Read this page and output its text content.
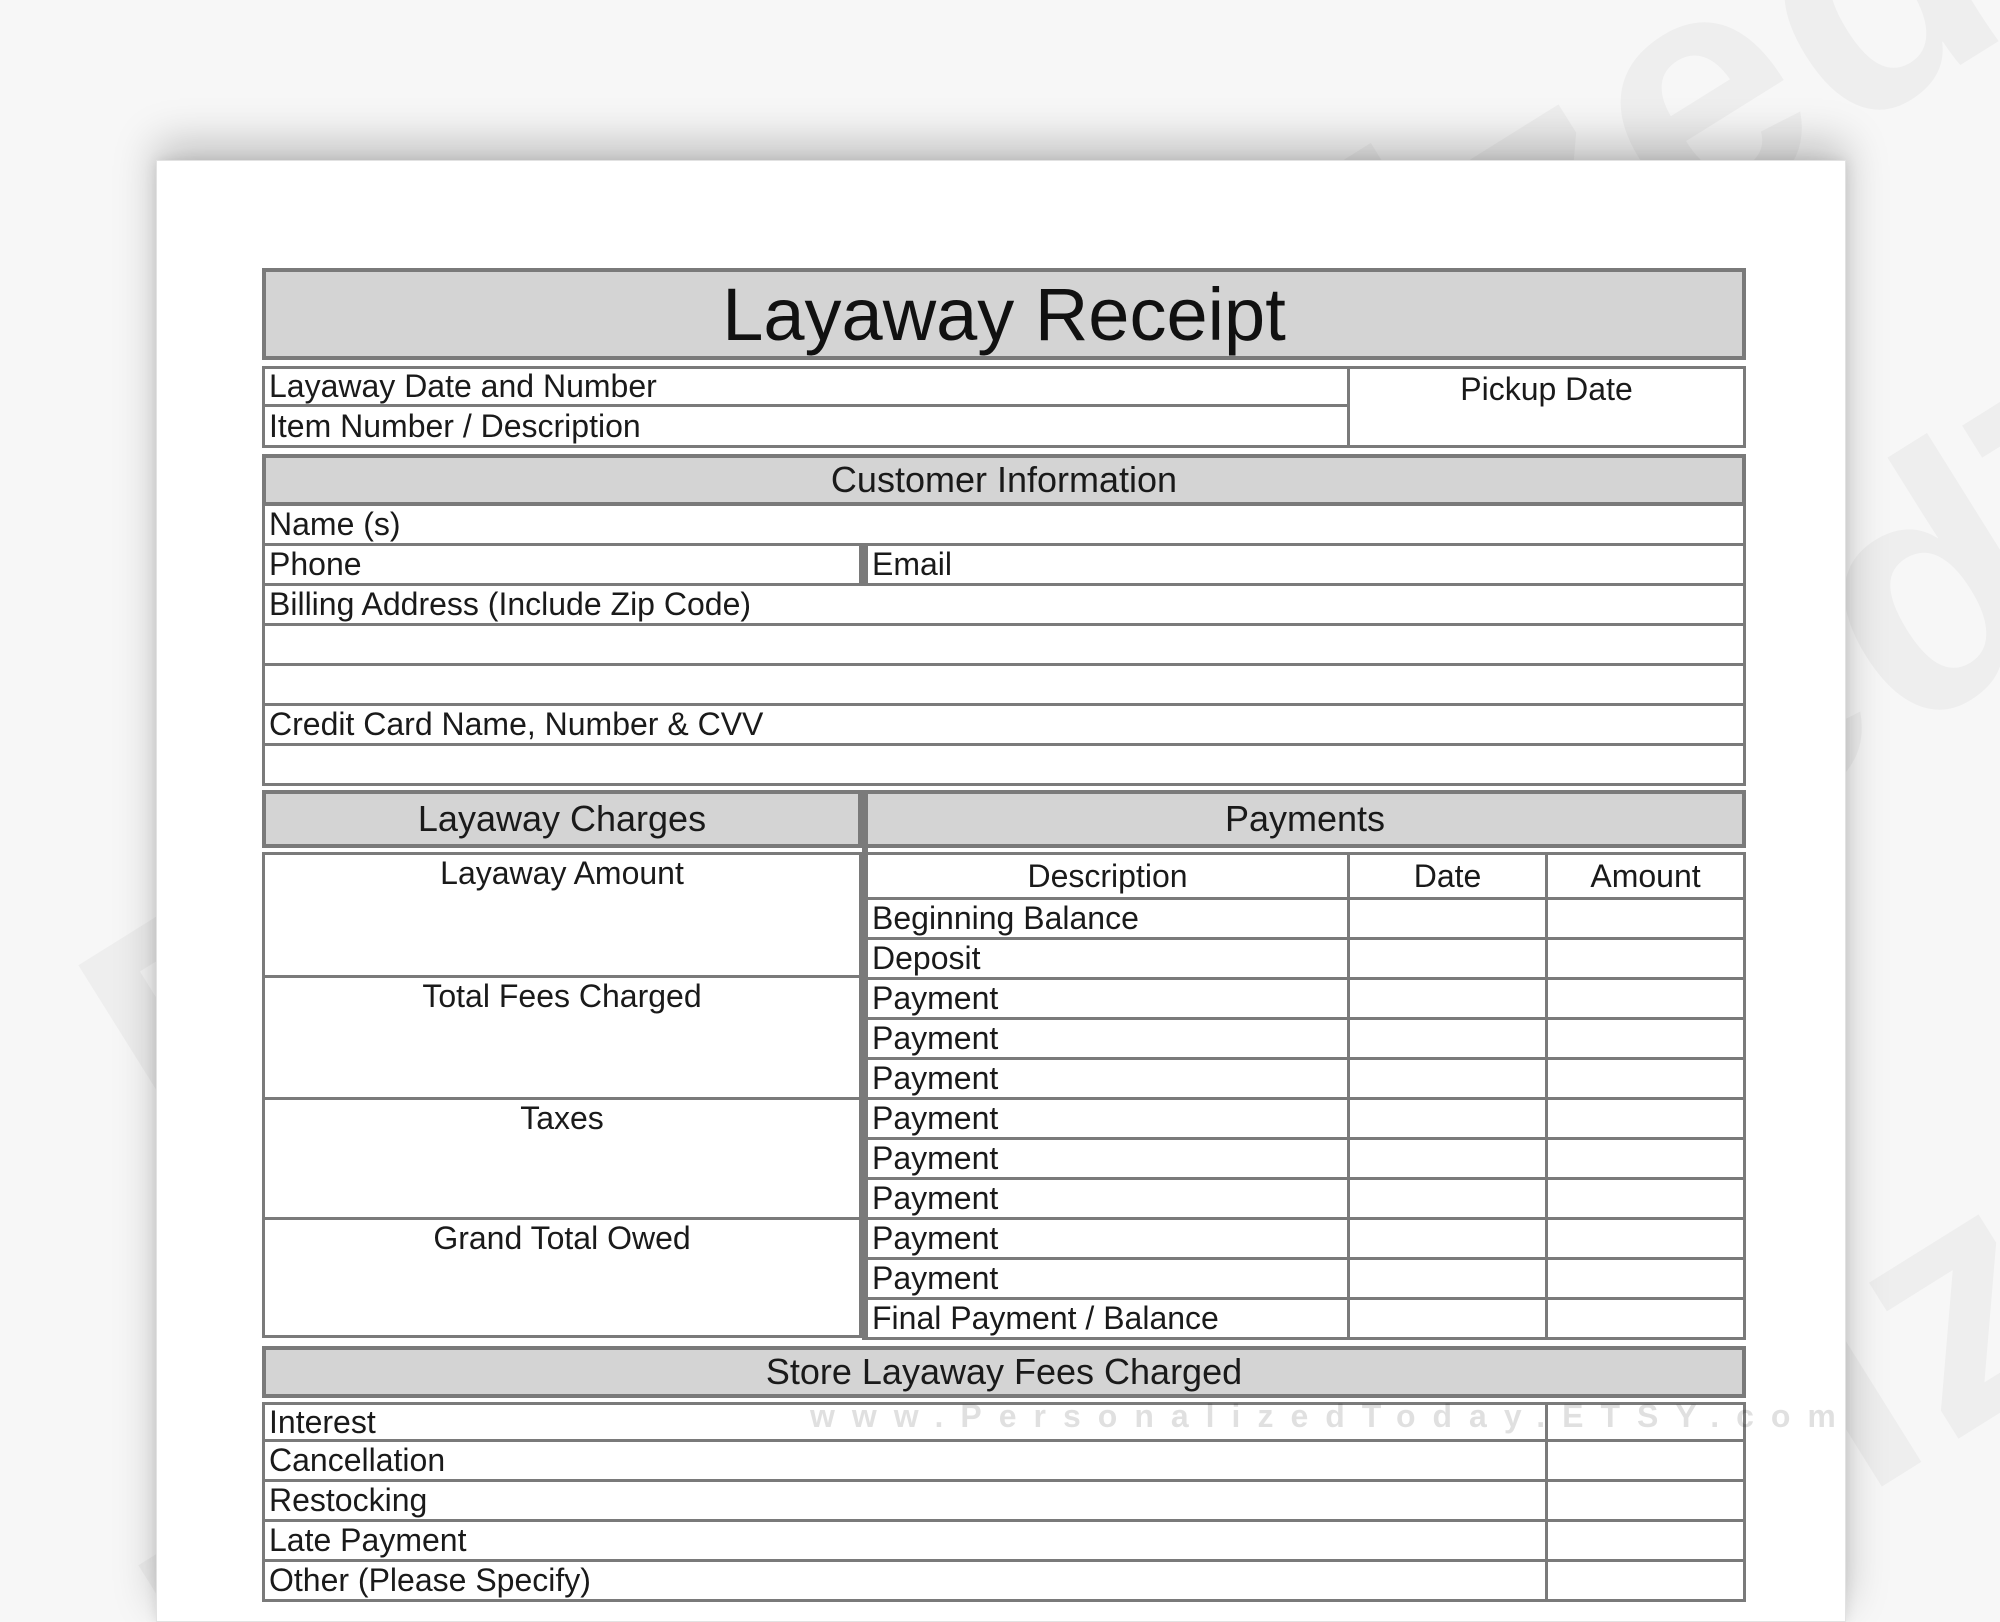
Layaway Receipt
Layaway Date and Number
Item Number / Description
Pickup Date
Customer Information
Name (s)
Phone	Email
Billing Address (Include Zip Code)
Credit Card Name, Number & CVV
Layaway Charges
Layaway Amount
Total Fees Charged
Taxes
Grand Total Owed
Payments
Description	Date	Amount
Beginning Balance
Deposit
Payment
Payment
Payment
Payment
Payment
Payment
Payment
Payment
Final Payment / Balance
Store Layaway Fees Charged
Interest
Cancellation
Restocking
Late Payment
Other (Please Specify)
www.PersonalizedToday.ETSY.com
